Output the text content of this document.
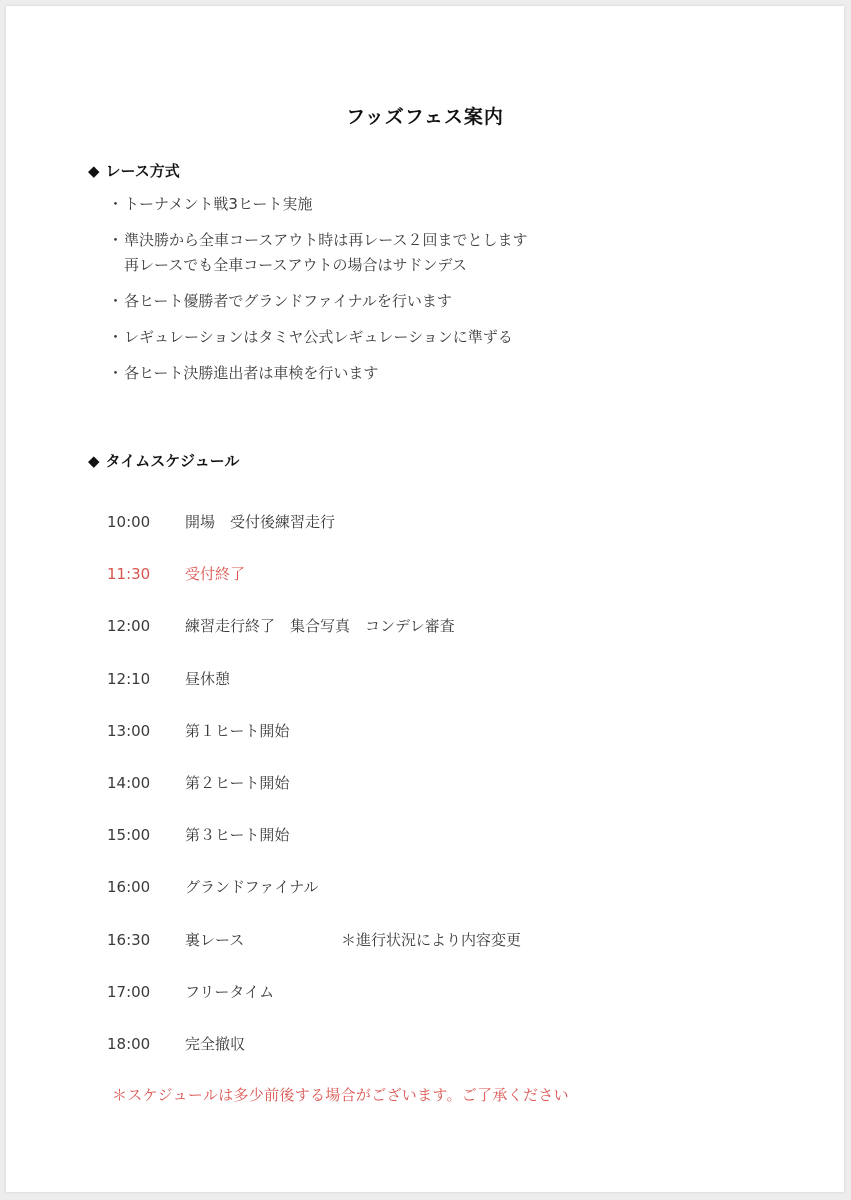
フッズフェス案内
◆ レース方式
・ トーナメント戦3ヒート実施
・ 準決勝から全車コースアウト時は再レース２回までとします
再レースでも全車コースアウトの場合はサドンデス
・ 各ヒート優勝者でグランドファイナルを行います
・ レギュレーションはタミヤ公式レギュレーションに準ずる
・ 各ヒート決勝進出者は車検を行います
◆ タイムスケジュール
10:00 開場　受付後練習走行
11:30 受付終了
12:00 練習走行終了　集合写真　コンデレ審査
12:10 昼休憩
13:00 第１ヒート開始
14:00 第２ヒート開始
15:00 第３ヒート開始
16:00 グランドファイナル
16:30 裏レース	＊進行状況により内容変更
17:00 フリータイム
18:00 完全撤収
＊スケジュールは多少前後する場合がございます。ご了承ください
